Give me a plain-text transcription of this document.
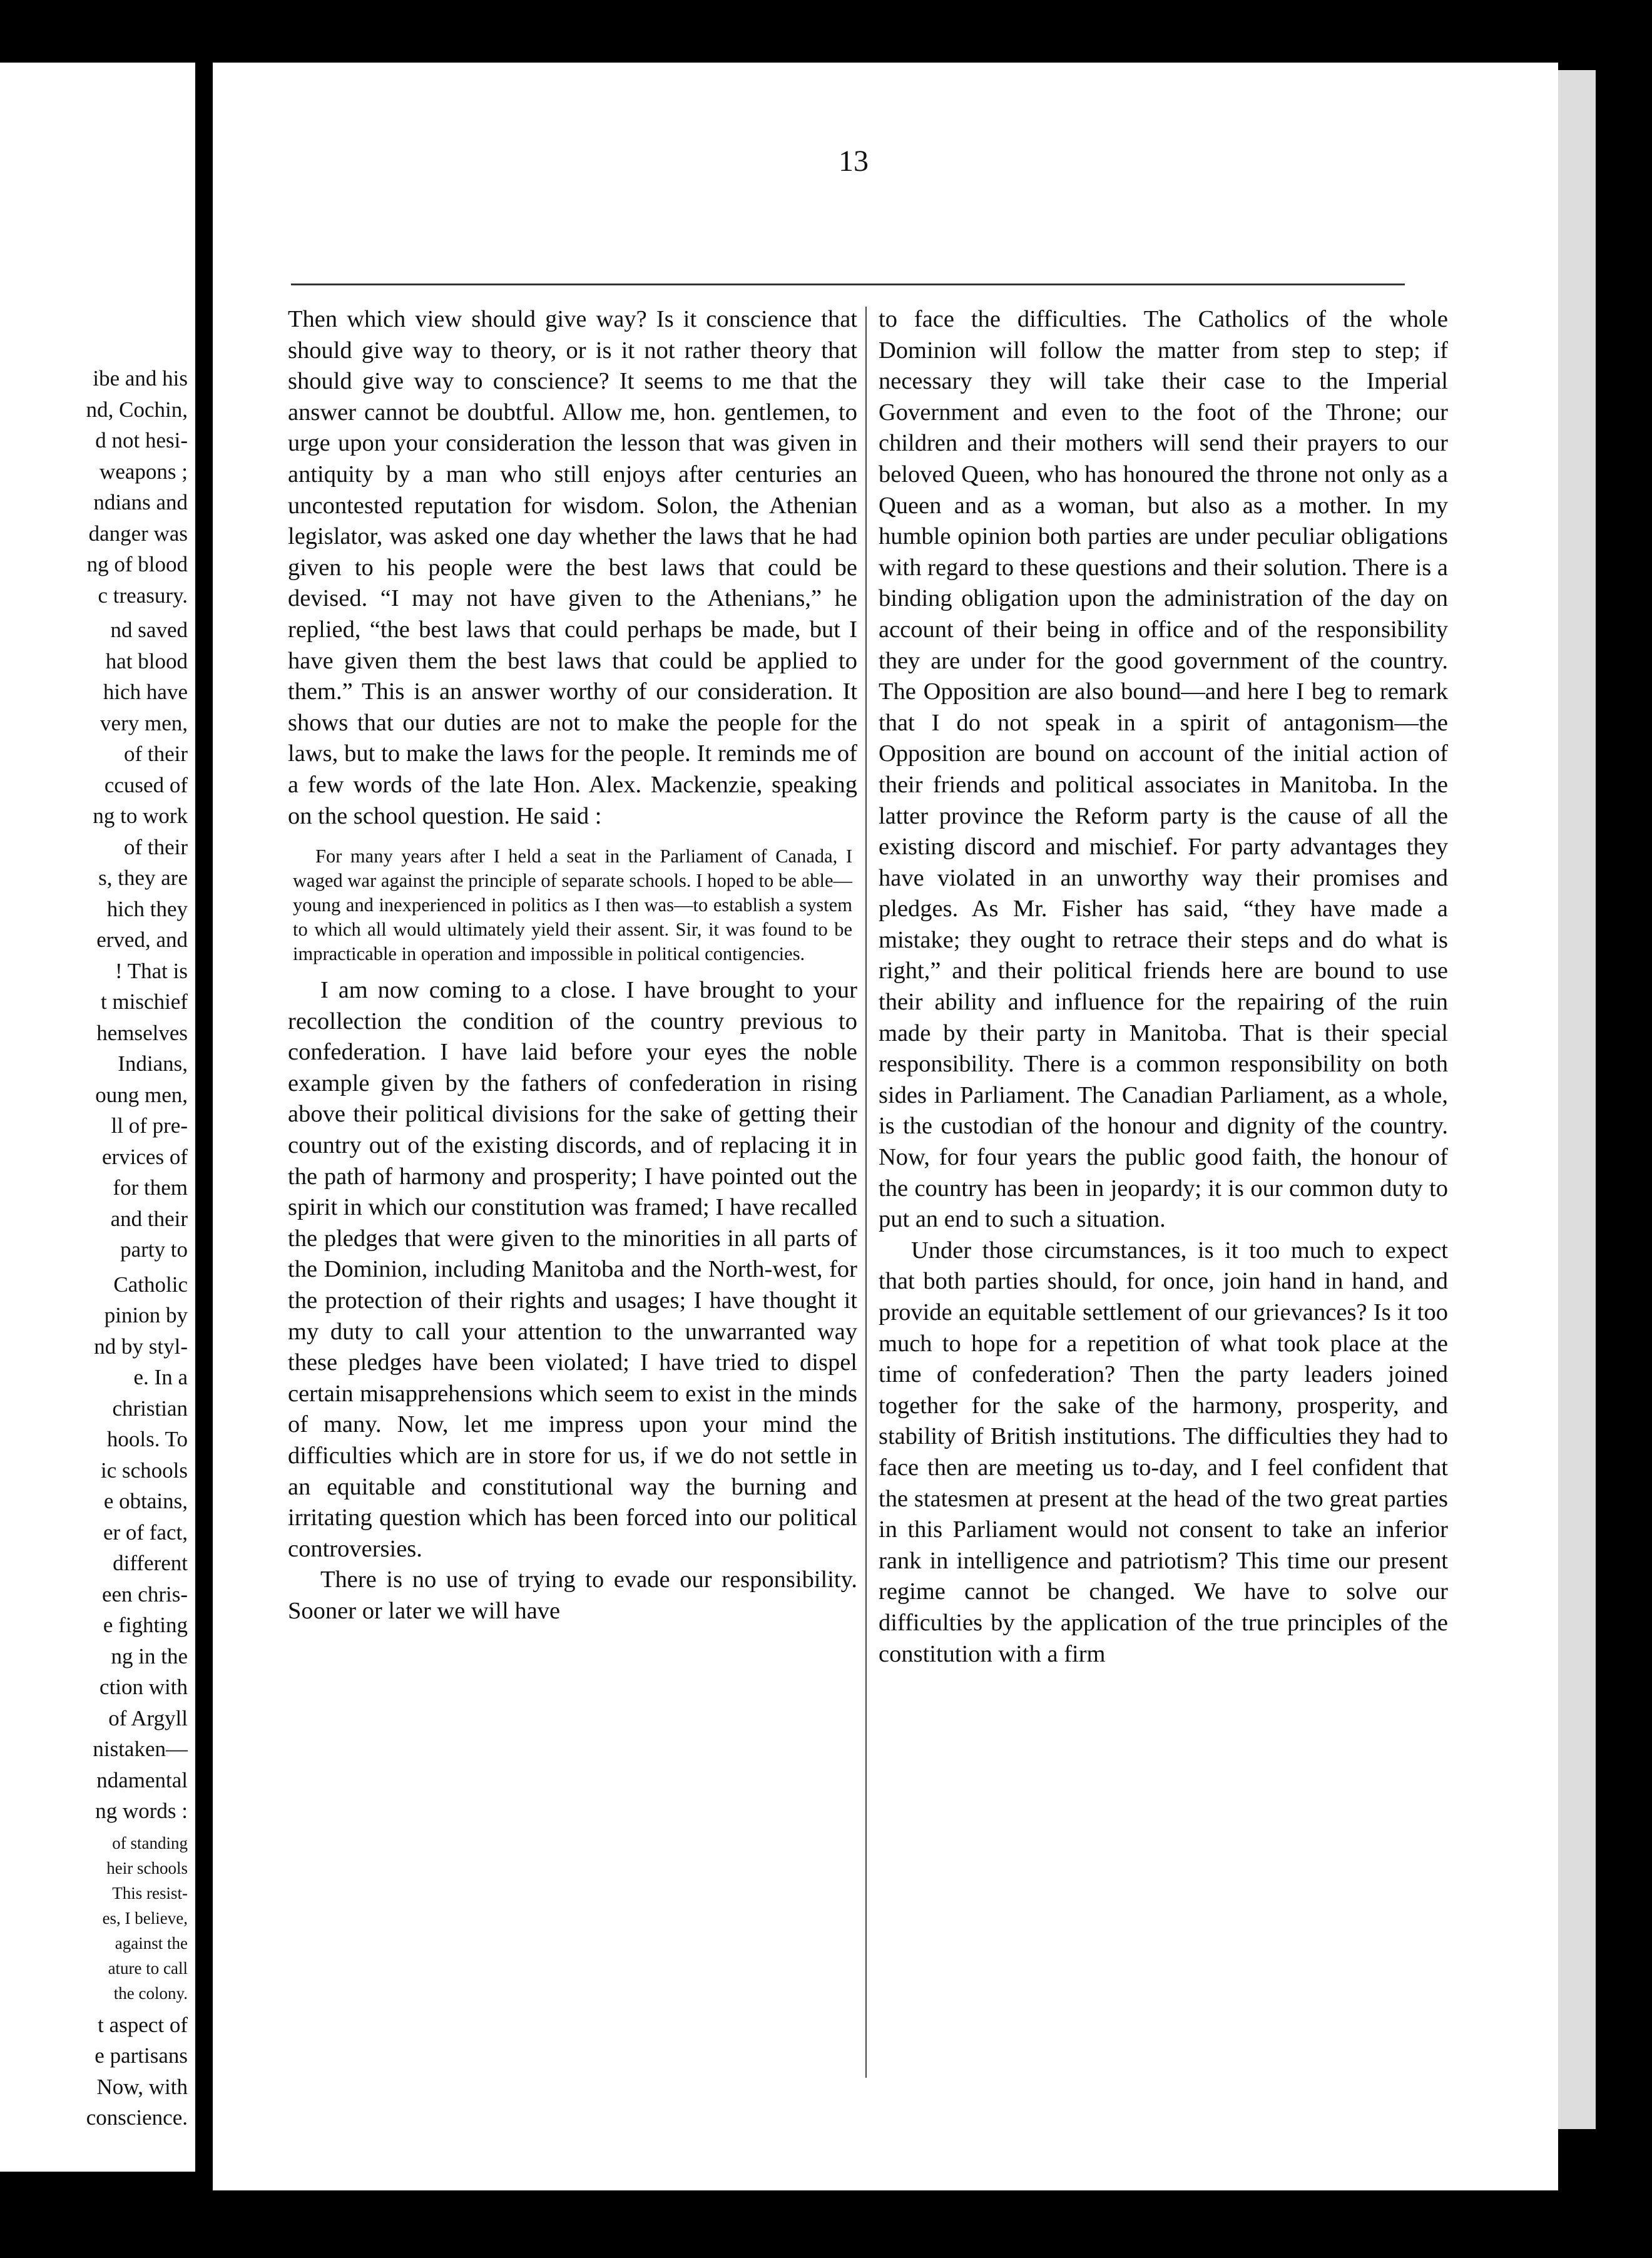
ibe and his
nd, Cochin,
d not hesi-
weapons ;
ndians and
danger was
ng of blood
c treasury.
nd saved
hat blood
hich have
very men,
of their
ccused of
ng to work
of their
s, they are
hich they
erved, and
! That is
t mischief
hemselves
Indians,
oung men,
ll of pre-
ervices of
for them
and their
party to
Catholic
pinion by
nd by styl-
e. In a
christian
hools. To
ic schools
e obtains,
er of fact,
different
een chris-
e fighting
ng in the
ction with
of Argyll
nistaken—
ndamental
ng words :
of standing
heir schools
This resist-
es, I believe,
against the
ature to call
the colony.
t aspect of
e partisans
Now, with
conscience.
13

Then which view should give way? Is it conscience that should give way to theory, or is it not rather theory that should give way to conscience? It seems to me that the answer cannot be doubtful. Allow me, hon. gentlemen, to urge upon your consideration the lesson that was given in antiquity by a man who still enjoys after centuries an uncontested reputation for wisdom. Solon, the Athenian legislator, was asked one day whether the laws that he had given to his people were the best laws that could be devised. “I may not have given to the Athenians,” he replied, “the best laws that could perhaps be made, but I have given them the best laws that could be applied to them.” This is an answer worthy of our consideration. It shows that our duties are not to make the people for the laws, but to make the laws for the people. It reminds me of a few words of the late Hon. Alex. Mackenzie, speaking on the school question. He said :

For many years after I held a seat in the Parliament of Canada, I waged war against the principle of separate schools. I hoped to be able—young and inexperienced in politics as I then was—to establish a system to which all would ultimately yield their assent. Sir, it was found to be impracticable in operation and impossible in political contigencies.

I am now coming to a close. I have brought to your recollection the condition of the country previous to confederation. I have laid before your eyes the noble example given by the fathers of confederation in rising above their political divisions for the sake of getting their country out of the existing discords, and of replacing it in the path of harmony and prosperity; I have pointed out the spirit in which our constitution was framed; I have recalled the pledges that were given to the minorities in all parts of the Dominion, including Manitoba and the North-west, for the protection of their rights and usages; I have thought it my duty to call your attention to the unwarranted way these pledges have been violated; I have tried to dispel certain misapprehensions which seem to exist in the minds of many. Now, let me impress upon your mind the difficulties which are in store for us, if we do not settle in an equitable and constitutional way the burning and irritating question which has been forced into our political controversies.

There is no use of trying to evade our responsibility. Sooner or later we will have

to face the difficulties. The Catholics of the whole Dominion will follow the matter from step to step; if necessary they will take their case to the Imperial Government and even to the foot of the Throne; our children and their mothers will send their prayers to our beloved Queen, who has honoured the throne not only as a Queen and as a woman, but also as a mother. In my humble opinion both parties are under peculiar obligations with regard to these questions and their solution. There is a binding obligation upon the administration of the day on account of their being in office and of the responsibility they are under for the good government of the country. The Opposition are also bound—and here I beg to remark that I do not speak in a spirit of antagonism—the Opposition are bound on account of the initial action of their friends and political associates in Manitoba. In the latter province the Reform party is the cause of all the existing discord and mischief. For party advantages they have violated in an unworthy way their promises and pledges. As Mr. Fisher has said, “they have made a mistake; they ought to retrace their steps and do what is right,” and their political friends here are bound to use their ability and influence for the repairing of the ruin made by their party in Manitoba. That is their special responsibility. There is a common responsibility on both sides in Parliament. The Canadian Parliament, as a whole, is the custodian of the honour and dignity of the country. Now, for four years the public good faith, the honour of the country has been in jeopardy; it is our common duty to put an end to such a situation.

Under those circumstances, is it too much to expect that both parties should, for once, join hand in hand, and provide an equitable settlement of our grievances? Is it too much to hope for a repetition of what took place at the time of confederation? Then the party leaders joined together for the sake of the harmony, prosperity, and stability of British institutions. The difficulties they had to face then are meeting us to-day, and I feel confident that the statesmen at present at the head of the two great parties in this Parliament would not consent to take an inferior rank in intelligence and patriotism? This time our present regime cannot be changed. We have to solve our difficulties by the application of the true principles of the constitution with a firm
